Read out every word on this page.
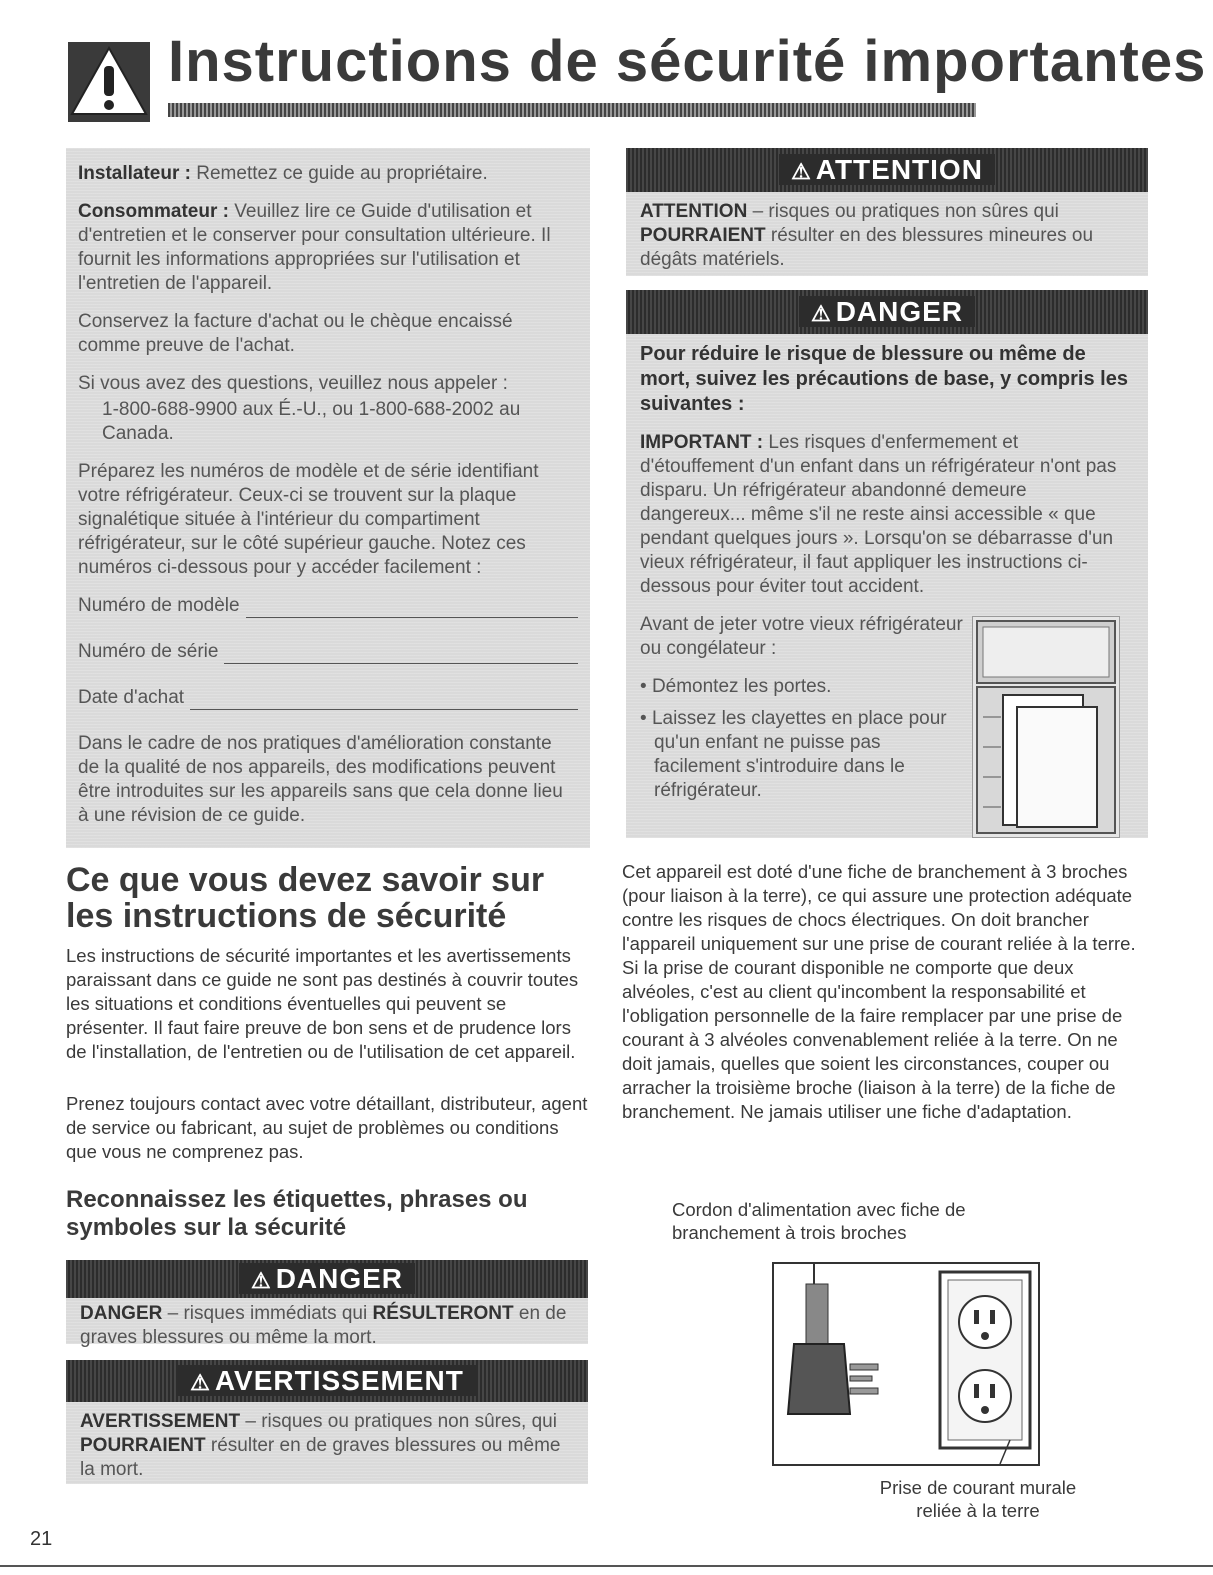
Instructions de sécurité importantes

Installateur : Remettez ce guide au propriétaire.

Consommateur : Veuillez lire ce Guide d'utilisation et d'entretien et le conserver pour consultation ultérieure. Il fournit les informations appropriées sur l'utilisation et l'entretien de l'appareil.

Conservez la facture d'achat ou le chèque encaissé comme preuve de l'achat.

Si vous avez des questions, veuillez nous appeler :

1-800-688-9900 aux É.-U., ou 1-800-688-2002 au Canada.

Préparez les numéros de modèle et de série identifiant votre réfrigérateur. Ceux-ci se trouvent sur la plaque signalétique située à l'intérieur du compartiment réfrigérateur, sur le côté supérieur gauche. Notez ces numéros ci-dessous pour y accéder facilement :

Numéro de modèle
Numéro de série
Date d'achat

Dans le cadre de nos pratiques d'amélioration constante de la qualité de nos appareils, des modifications peuvent être introduites sur les appareils sans que cela donne lieu à une révision de ce guide.

⚠ ATTENTION
ATTENTION – risques ou pratiques non sûres qui POURRAIENT résulter en des blessures mineures ou dégâts matériels.
⚠ DANGER

Pour réduire le risque de blessure ou même de mort, suivez les précautions de base, y compris les suivantes :

IMPORTANT : Les risques d'enfermement et d'étouffement d'un enfant dans un réfrigérateur n'ont pas disparu. Un réfrigérateur abandonné demeure dangereux... même s'il ne reste ainsi accessible « que pendant quelques jours ». Lorsqu'on se débarrasse d'un vieux réfrigérateur, il faut appliquer les instructions ci-dessous pour éviter tout accident.

Avant de jeter votre vieux réfrigérateur ou congélateur :

• Démontez les portes.

• Laissez les clayettes en place pour qu'un enfant ne puisse pas facilement s'introduire dans le réfrigérateur.

Ce que vous devez savoir sur les instructions de sécurité
Les instructions de sécurité importantes et les avertissements paraissant dans ce guide ne sont pas destinés à couvrir toutes les situations et conditions éventuelles qui peuvent se présenter. Il faut faire preuve de bon sens et de prudence lors de l'installation, de l'entretien ou de l'utilisation de cet appareil.
Prenez toujours contact avec votre détaillant, distributeur, agent de service ou fabricant, au sujet de problèmes ou conditions que vous ne comprenez pas.
Reconnaissez les étiquettes, phrases ou symboles sur la sécurité
⚠ DANGER
DANGER – risques immédiats qui RÉSULTERONT en de graves blessures ou même la mort.
⚠ AVERTISSEMENT
AVERTISSEMENT – risques ou pratiques non sûres, qui POURRAIENT résulter en de graves blessures ou même la mort.
Cet appareil est doté d'une fiche de branchement à 3 broches (pour liaison à la terre), ce qui assure une protection adéquate contre les risques de chocs électriques. On doit brancher l'appareil uniquement sur une prise de courant reliée à la terre. Si la prise de courant disponible ne comporte que deux alvéoles, c'est au client qu'incombent la responsabilité et l'obligation personnelle de la faire remplacer par une prise de courant à 3 alvéoles convenablement reliée à la terre. On ne doit jamais, quelles que soient les circonstances, couper ou arracher la troisième broche (liaison à la terre) de la fiche de branchement. Ne jamais utiliser une fiche d'adaptation.
Cordon d'alimentation avec fiche de branchement à trois broches
Prise de courant murale reliée à la terre
21
